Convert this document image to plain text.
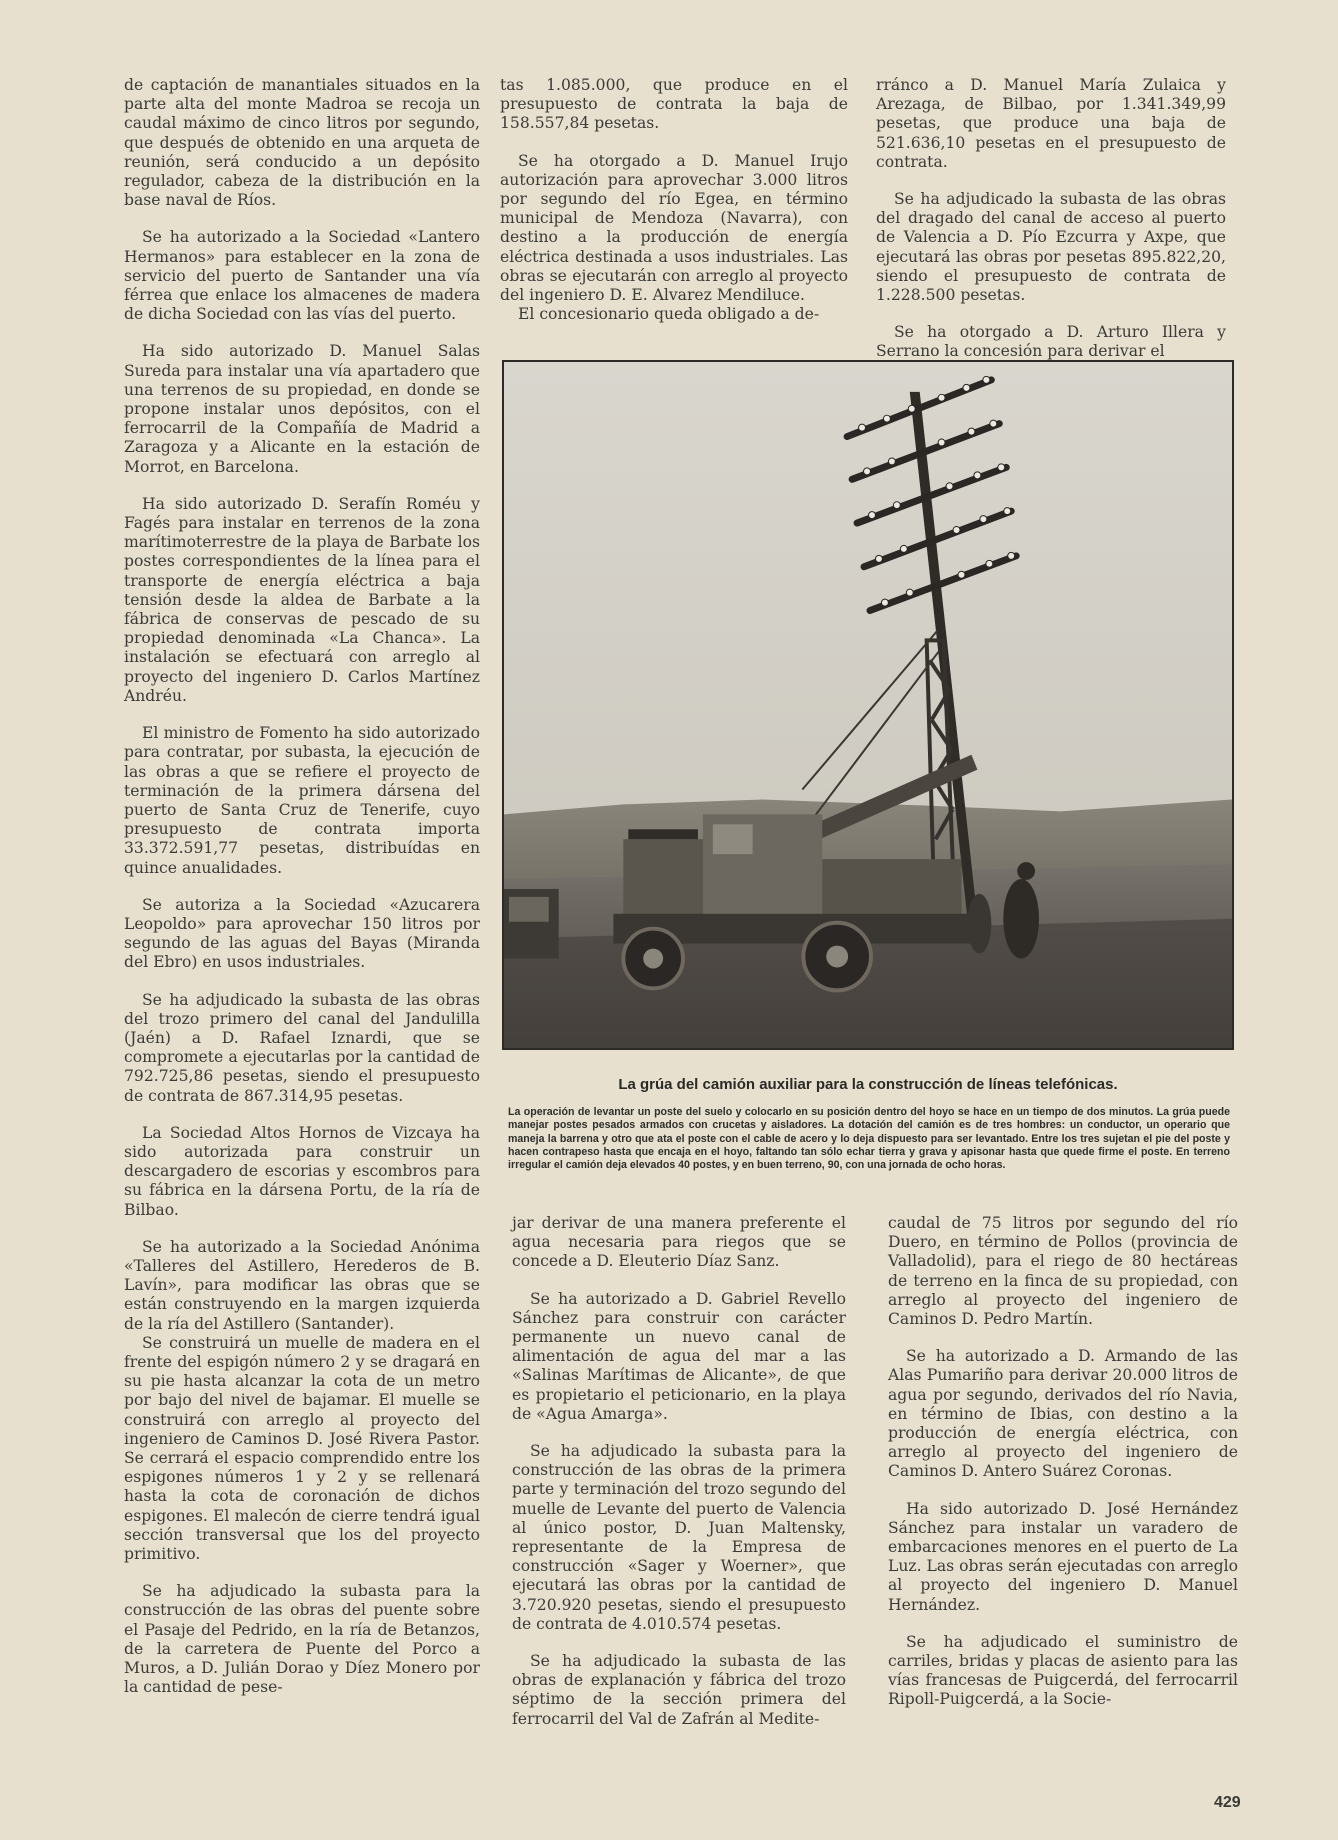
de captación de manantiales situados en la parte alta del monte Madroa se recoja un caudal máximo de cinco litros por segundo, que después de obtenido en una arqueta de reunión, será conducido a un depósito regulador, cabeza de la distribución en la base naval de Ríos.

Se ha autorizado a la Sociedad «Lantero Hermanos» para establecer en la zona de servicio del puerto de Santander una vía férrea que enlace los almacenes de madera de dicha Sociedad con las vías del puerto.

Ha sido autorizado D. Manuel Salas Sureda para instalar una vía apartadero que una terrenos de su propiedad, en donde se propone instalar unos depósitos, con el ferrocarril de la Compañía de Madrid a Zaragoza y a Alicante en la estación de Morrot, en Barcelona.

Ha sido autorizado D. Serafín Roméu y Fagés para instalar en terrenos de la zona marítimoterrestre de la playa de Barbate los postes correspondientes de la línea para el transporte de energía eléctrica a baja tensión desde la aldea de Barbate a la fábrica de conservas de pescado de su propiedad denominada «La Chanca». La instalación se efectuará con arreglo al proyecto del ingeniero D. Carlos Martínez Andréu.

El ministro de Fomento ha sido autorizado para contratar, por subasta, la ejecución de las obras a que se refiere el proyecto de terminación de la primera dársena del puerto de Santa Cruz de Tenerife, cuyo presupuesto de contrata importa 33.372.591,77 pesetas, distribuídas en quince anualidades.

Se autoriza a la Sociedad «Azucarera Leopoldo» para aprovechar 150 litros por segundo de las aguas del Bayas (Miranda del Ebro) en usos industriales.

Se ha adjudicado la subasta de las obras del trozo primero del canal del Jandulilla (Jaén) a D. Rafael Iznardi, que se compromete a ejecutarlas por la cantidad de 792.725,86 pesetas, siendo el presupuesto de contrata de 867.314,95 pesetas.

La Sociedad Altos Hornos de Vizcaya ha sido autorizada para construir un descargadero de escorias y escombros para su fábrica en la dársena Portu, de la ría de Bilbao.

Se ha autorizado a la Sociedad Anónima «Talleres del Astillero, Herederos de B. Lavín», para modificar las obras que se están construyendo en la margen izquierda de la ría del Astillero (Santander).

Se construirá un muelle de madera en el frente del espigón número 2 y se dragará en su pie hasta alcanzar la cota de un metro por bajo del nivel de bajamar. El muelle se construirá con arreglo al proyecto del ingeniero de Caminos D. José Rivera Pastor. Se cerrará el espacio comprendido entre los espigones números 1 y 2 y se rellenará hasta la cota de coronación de dichos espigones. El malecón de cierre tendrá igual sección transversal que los del proyecto primitivo.

Se ha adjudicado la subasta para la construcción de las obras del puente sobre el Pasaje del Pedrido, en la ría de Betanzos, de la carretera de Puente del Porco a Muros, a D. Julián Dorao y Díez Monero por la cantidad de pese-

tas 1.085.000, que produce en el presupuesto de contrata la baja de 158.557,84 pesetas.

Se ha otorgado a D. Manuel Irujo autorización para aprovechar 3.000 litros por segundo del río Egea, en término municipal de Mendoza (Navarra), con destino a la producción de energía eléctrica destinada a usos industriales. Las obras se ejecutarán con arreglo al proyecto del ingeniero D. E. Alvarez Mendiluce.

El concesionario queda obligado a de-

rránco a D. Manuel María Zulaica y Arezaga, de Bilbao, por 1.341.349,99 pesetas, que produce una baja de 521.636,10 pesetas en el presupuesto de contrata.

Se ha adjudicado la subasta de las obras del dragado del canal de acceso al puerto de Valencia a D. Pío Ezcurra y Axpe, que ejecutará las obras por pesetas 895.822,20, siendo el presupuesto de contrata de 1.228.500 pesetas.

Se ha otorgado a D. Arturo Illera y Serrano la concesión para derivar el

La grúa del camión auxiliar para la construcción de líneas telefónicas.
La operación de levantar un poste del suelo y colocarlo en su posición dentro del hoyo se hace en un tiempo de dos minutos. La grúa puede manejar postes pesados armados con crucetas y aisladores. La dotación del camión es de tres hombres: un conductor, un operario que maneja la barrena y otro que ata el poste con el cable de acero y lo deja dispuesto para ser levantado. Entre los tres sujetan el pie del poste y hacen contrapeso hasta que encaja en el hoyo, faltando tan sólo echar tierra y grava y apisonar hasta que quede firme el poste. En terreno irregular el camión deja elevados 40 postes, y en buen terreno, 90, con una jornada de ocho horas.

jar derivar de una manera preferente el agua necesaria para riegos que se concede a D. Eleuterio Díaz Sanz.

Se ha autorizado a D. Gabriel Revello Sánchez para construir con carácter permanente un nuevo canal de alimentación de agua del mar a las «Salinas Marítimas de Alicante», de que es propietario el peticionario, en la playa de «Agua Amarga».

Se ha adjudicado la subasta para la construcción de las obras de la primera parte y terminación del trozo segundo del muelle de Levante del puerto de Valencia al único postor, D. Juan Maltensky, representante de la Empresa de construcción «Sager y Woerner», que ejecutará las obras por la cantidad de 3.720.920 pesetas, siendo el presupuesto de contrata de 4.010.574 pesetas.

Se ha adjudicado la subasta de las obras de explanación y fábrica del trozo séptimo de la sección primera del ferrocarril del Val de Zafrán al Medite-

caudal de 75 litros por segundo del río Duero, en término de Pollos (provincia de Valladolid), para el riego de 80 hectáreas de terreno en la finca de su propiedad, con arreglo al proyecto del ingeniero de Caminos D. Pedro Martín.

Se ha autorizado a D. Armando de las Alas Pumariño para derivar 20.000 litros de agua por segundo, derivados del río Navia, en término de Ibias, con destino a la producción de energía eléctrica, con arreglo al proyecto del ingeniero de Caminos D. Antero Suárez Coronas.

Ha sido autorizado D. José Hernández Sánchez para instalar un varadero de embarcaciones menores en el puerto de La Luz. Las obras serán ejecutadas con arreglo al proyecto del ingeniero D. Manuel Hernández.

Se ha adjudicado el suministro de carriles, bridas y placas de asiento para las vías francesas de Puigcerdá, del ferrocarril Ripoll-Puigcerdá, a la Socie-

429
